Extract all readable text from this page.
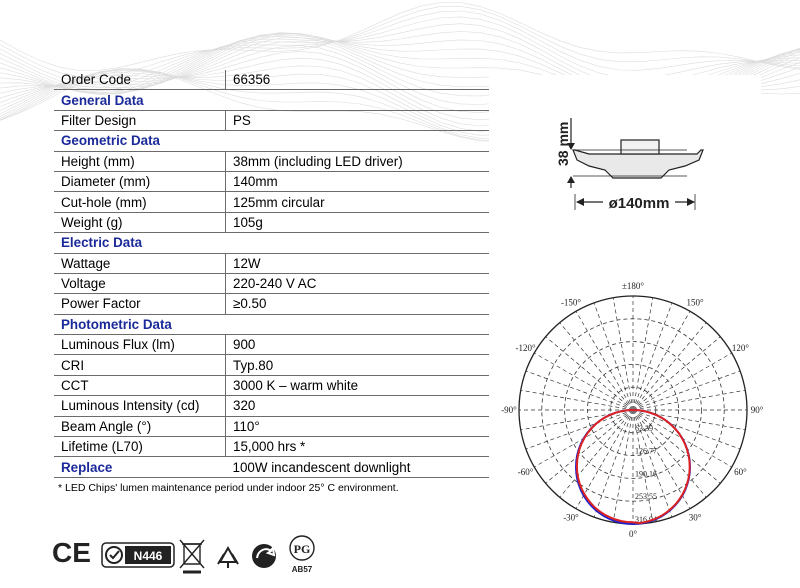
Order Code	66356
General Data	
Filter Design	PS
Geometric Data	
Height (mm)	38mm (including LED driver)
Diameter (mm)	140mm
Cut-hole (mm)	125mm circular
Weight (g)	105g
Electric Data	
Wattage	12W
Voltage	220-240 V AC
Power Factor	≥0.50
Photometric Data	
Luminous Flux (lm)	900
CRI	Typ.80
CCT	3000 K – warm white
Luminous Intensity (cd)	320
Beam Angle (°)	110°
Lifetime (L70)	15,000 hrs *
Replace	100W incandescent downlight
* LED Chips' lumen maintenance period under indoor 25° C environment.
38 mm
ø140mm
±180°
-150°	150°
-120°	120°
-90°	90°
-60°	60°
-30°	30°
0°
63.39
126.77
190.16
253.55
316.94
CE	N446	PG
AB57
